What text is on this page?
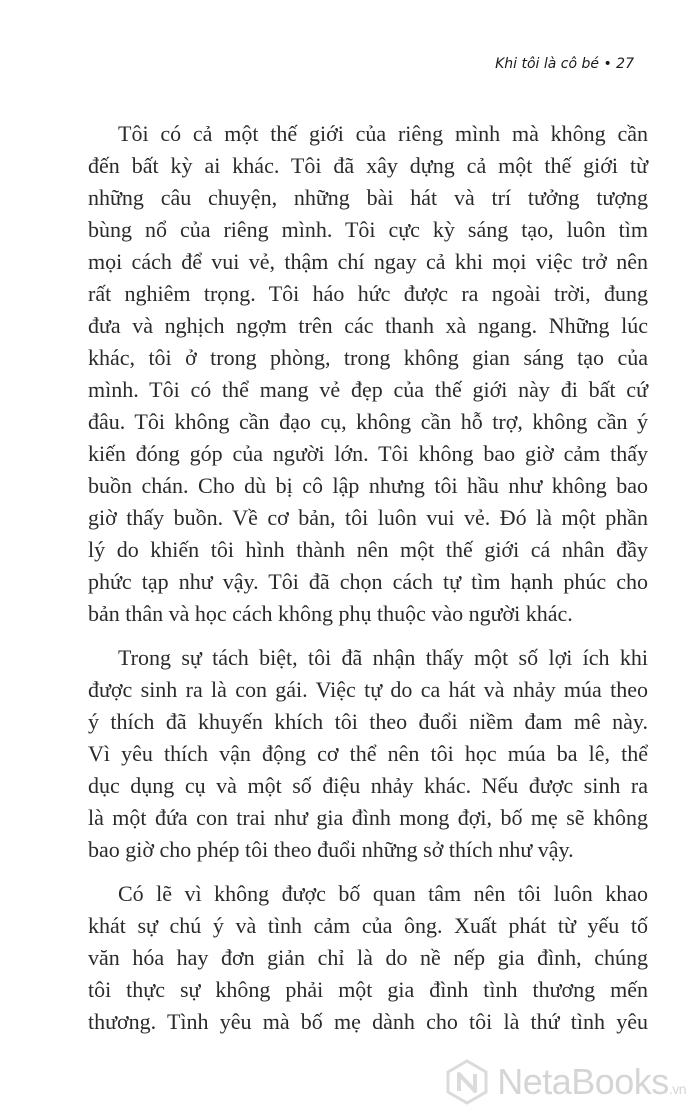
Khi tôi là cô bé • 27
Tôi có cả một thế giới của riêng mình mà không cần
đến bất kỳ ai khác. Tôi đã xây dựng cả một thế giới từ
những câu chuyện, những bài hát và trí tưởng tượng
bùng nổ của riêng mình. Tôi cực kỳ sáng tạo, luôn tìm
mọi cách để vui vẻ, thậm chí ngay cả khi mọi việc trở nên
rất nghiêm trọng. Tôi háo hức được ra ngoài trời, đung
đưa và nghịch ngợm trên các thanh xà ngang. Những lúc
khác, tôi ở trong phòng, trong không gian sáng tạo của
mình. Tôi có thể mang vẻ đẹp của thế giới này đi bất cứ
đâu. Tôi không cần đạo cụ, không cần hỗ trợ, không cần ý
kiến đóng góp của người lớn. Tôi không bao giờ cảm thấy
buồn chán. Cho dù bị cô lập nhưng tôi hầu như không bao
giờ thấy buồn. Về cơ bản, tôi luôn vui vẻ. Đó là một phần
lý do khiến tôi hình thành nên một thế giới cá nhân đầy
phức tạp như vậy. Tôi đã chọn cách tự tìm hạnh phúc cho
bản thân và học cách không phụ thuộc vào người khác.
Trong sự tách biệt, tôi đã nhận thấy một số lợi ích khi
được sinh ra là con gái. Việc tự do ca hát và nhảy múa theo
ý thích đã khuyến khích tôi theo đuổi niềm đam mê này.
Vì yêu thích vận động cơ thể nên tôi học múa ba lê, thể
dục dụng cụ và một số điệu nhảy khác. Nếu được sinh ra
là một đứa con trai như gia đình mong đợi, bố mẹ sẽ không
bao giờ cho phép tôi theo đuổi những sở thích như vậy.
Có lẽ vì không được bố quan tâm nên tôi luôn khao
khát sự chú ý và tình cảm của ông. Xuất phát từ yếu tố
văn hóa hay đơn giản chỉ là do nề nếp gia đình, chúng
tôi thực sự không phải một gia đình tình thương mến
thương. Tình yêu mà bố mẹ dành cho tôi là thứ tình yêu
NetaBooks.vn
